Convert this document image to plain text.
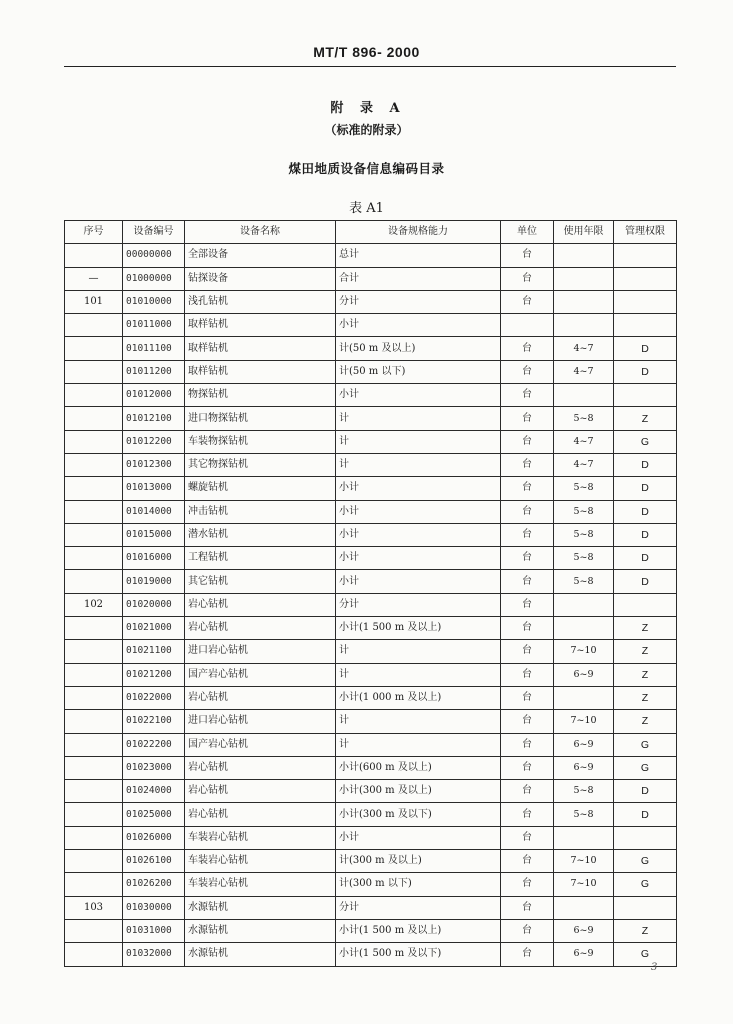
MT/T 896- 2000
附 录 A
（标准的附录）
煤田地质设备信息编码目录
表 A1
序号	设备编号	设备名称	设备规格能力	单位	使用年限	管理权限
	00000000	全部设备	总计	台		
—	01000000	钻探设备	合计	台		
101	01010000	浅孔钻机	分计	台		
	01011000	取样钻机	小计			
	01011100	取样钻机	计(50 m 及以上)	台	4~7	D
	01011200	取样钻机	计(50 m 以下)	台	4~7	D
	01012000	物探钻机	小计	台		
	01012100	进口物探钻机	计	台	5~8	Z
	01012200	车装物探钻机	计	台	4~7	G
	01012300	其它物探钻机	计	台	4~7	D
	01013000	螺旋钻机	小计	台	5~8	D
	01014000	冲击钻机	小计	台	5~8	D
	01015000	潜水钻机	小计	台	5~8	D
	01016000	工程钻机	小计	台	5~8	D
	01019000	其它钻机	小计	台	5~8	D
102	01020000	岩心钻机	分计	台		
	01021000	岩心钻机	小计(1 500 m 及以上)	台		Z
	01021100	进口岩心钻机	计	台	7~10	Z
	01021200	国产岩心钻机	计	台	6~9	Z
	01022000	岩心钻机	小计(1 000 m 及以上)	台		Z
	01022100	进口岩心钻机	计	台	7~10	Z
	01022200	国产岩心钻机	计	台	6~9	G
	01023000	岩心钻机	小计(600 m 及以上)	台	6~9	G
	01024000	岩心钻机	小计(300 m 及以上)	台	5~8	D
	01025000	岩心钻机	小计(300 m 及以下)	台	5~8	D
	01026000	车装岩心钻机	小计	台		
	01026100	车装岩心钻机	计(300 m 及以上)	台	7~10	G
	01026200	车装岩心钻机	计(300 m 以下)	台	7~10	G
103	01030000	水源钻机	分计	台		
	01031000	水源钻机	小计(1 500 m 及以上)	台	6~9	Z
	01032000	水源钻机	小计(1 500 m 及以下)	台	6~9	G
3
